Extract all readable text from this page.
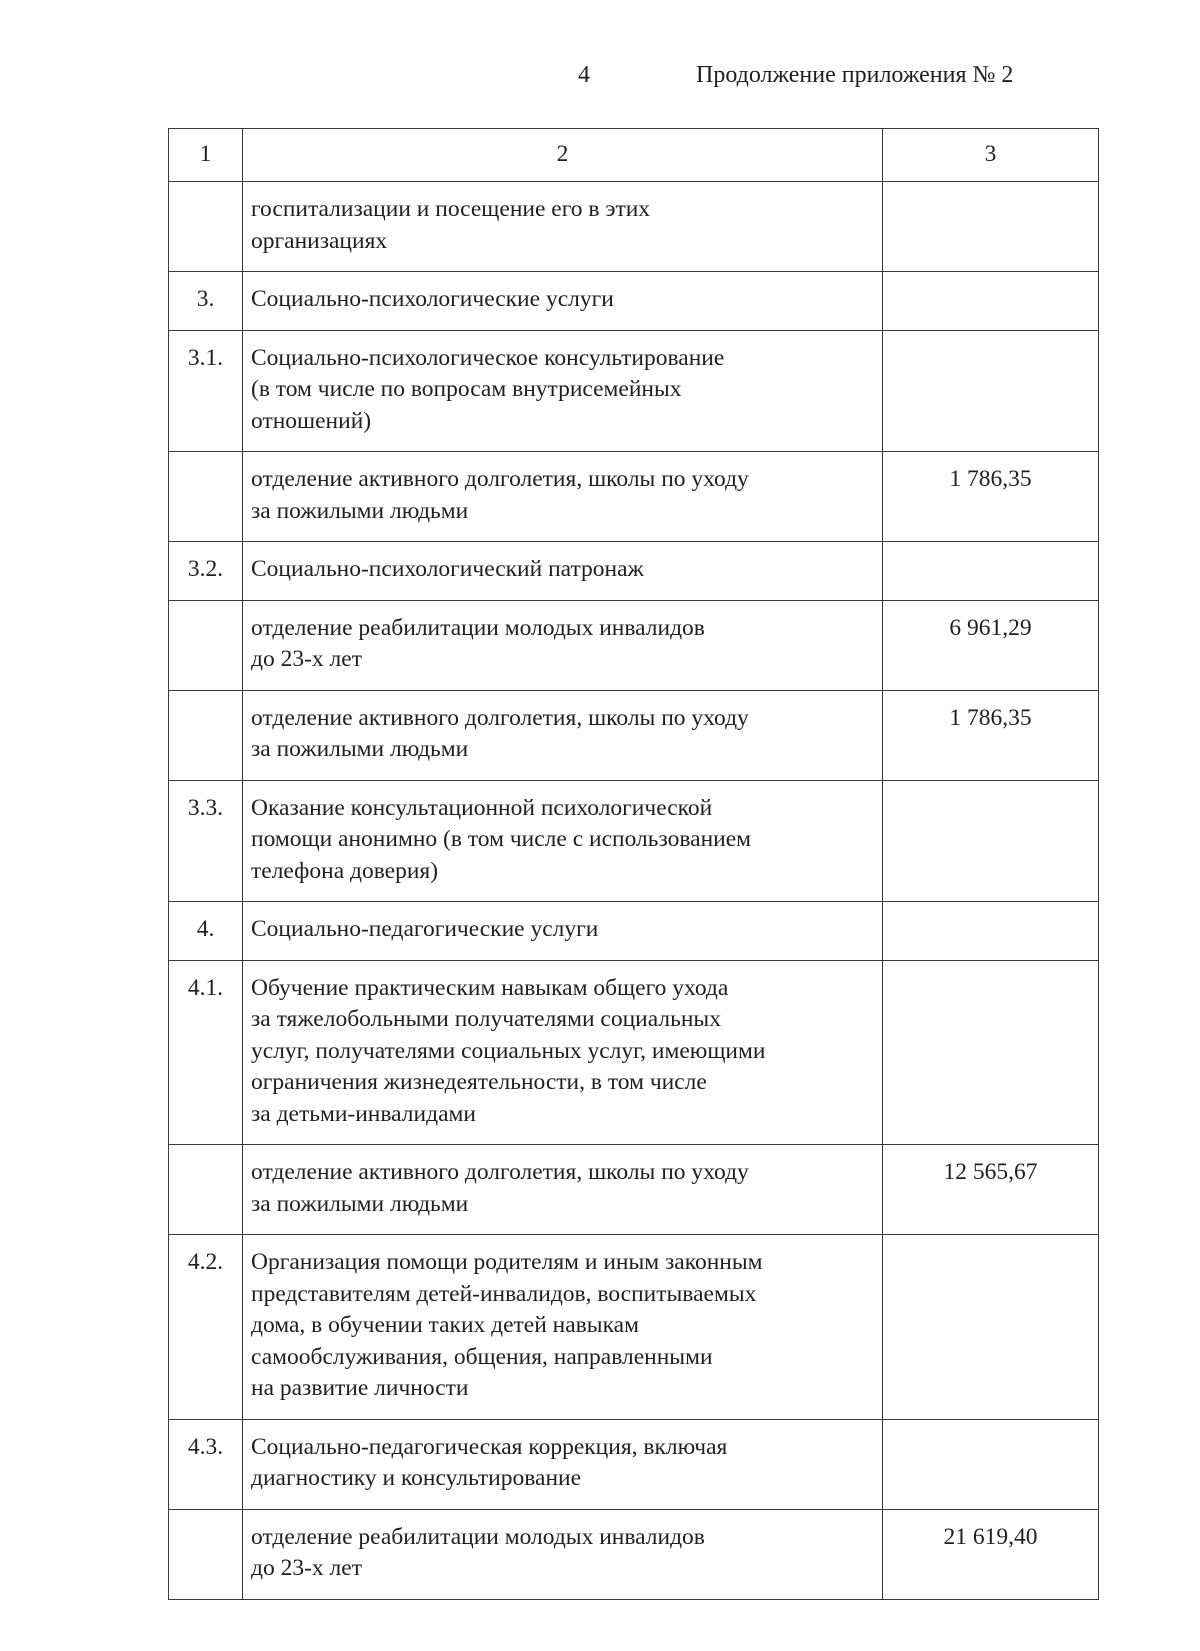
4	Продолжение приложения № 2
1	2	3
	госпитализации и посещение его в этих
организациях	
3.	Социально-психологические услуги	
3.1.	Социально-психологическое консультирование
(в том числе по вопросам внутрисемейных
отношений)	
	отделение активного долголетия, школы по уходу
за пожилыми людьми	1 786,35
3.2.	Социально-психологический патронаж	
	отделение реабилитации молодых инвалидов
до 23-х лет	6 961,29
	отделение активного долголетия, школы по уходу
за пожилыми людьми	1 786,35
3.3.	Оказание консультационной психологической
помощи анонимно (в том числе с использованием
телефона доверия)	
4.	Социально-педагогические услуги	
4.1.	Обучение практическим навыкам общего ухода
за тяжелобольными получателями социальных
услуг, получателями социальных услуг, имеющими
ограничения жизнедеятельности, в том числе
за детьми-инвалидами	
	отделение активного долголетия, школы по уходу
за пожилыми людьми	12 565,67
4.2.	Организация помощи родителям и иным законным
представителям детей-инвалидов, воспитываемых
дома, в обучении таких детей навыкам
самообслуживания, общения, направленными
на развитие личности	
4.3.	Социально-педагогическая коррекция, включая
диагностику и консультирование	
	отделение реабилитации молодых инвалидов
до 23-х лет	21 619,40
